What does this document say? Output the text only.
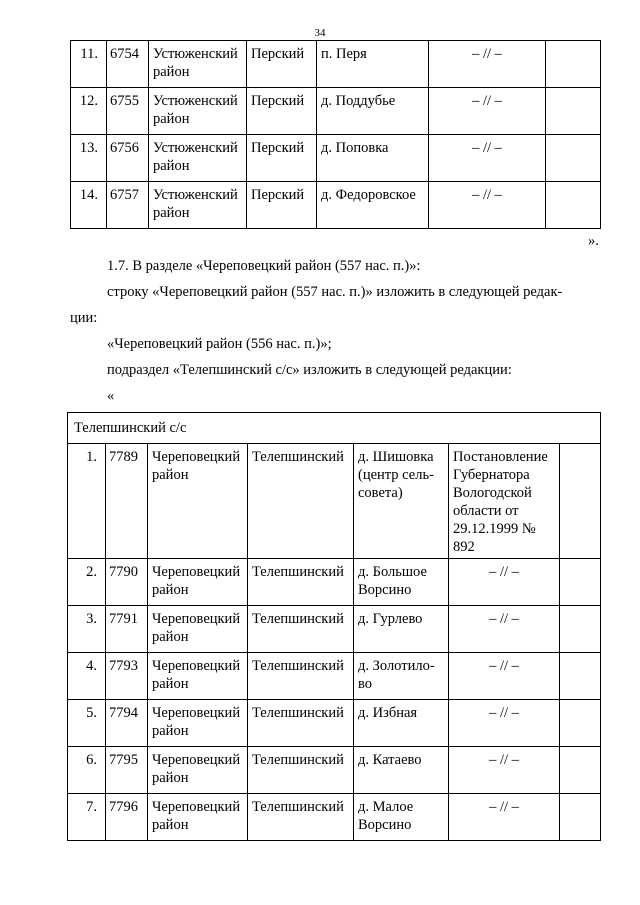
34
11.	6754	Устюженский район	Перский	п. Перя	– // –	
12.	6755	Устюженский район	Перский	д. Поддубье	– // –	
13.	6756	Устюженский район	Перский	д. Поповка	– // –	
14.	6757	Устюженский район	Перский	д. Федоровское	– // –	
».
1.7. В разделе «Череповецкий район (557 нас. п.)»:
строку «Череповецкий район (557 нас. п.)» изложить в следующей редак-
ции:
«Череповецкий район (556 нас. п.)»;
подраздел «Телепшинский с/с» изложить в следующей редакции:
«
Телепшинский с/с						
1.	7789	Череповецкий район	Телепшинский	д. Шишовка (центр сель-совета)	Постановление Губернатора Вологодской области от 29.12.1999 № 892	
2.	7790	Череповецкий район	Телепшинский	д. Большое Ворсино	– // –	
3.	7791	Череповецкий район	Телепшинский	д. Гурлево	– // –	
4.	7793	Череповецкий район	Телепшинский	д. Золотило-во	– // –	
5.	7794	Череповецкий район	Телепшинский	д. Избная	– // –	
6.	7795	Череповецкий район	Телепшинский	д. Катаево	– // –	
7.	7796	Череповецкий район	Телепшинский	д. Малое Ворсино	– // –	
